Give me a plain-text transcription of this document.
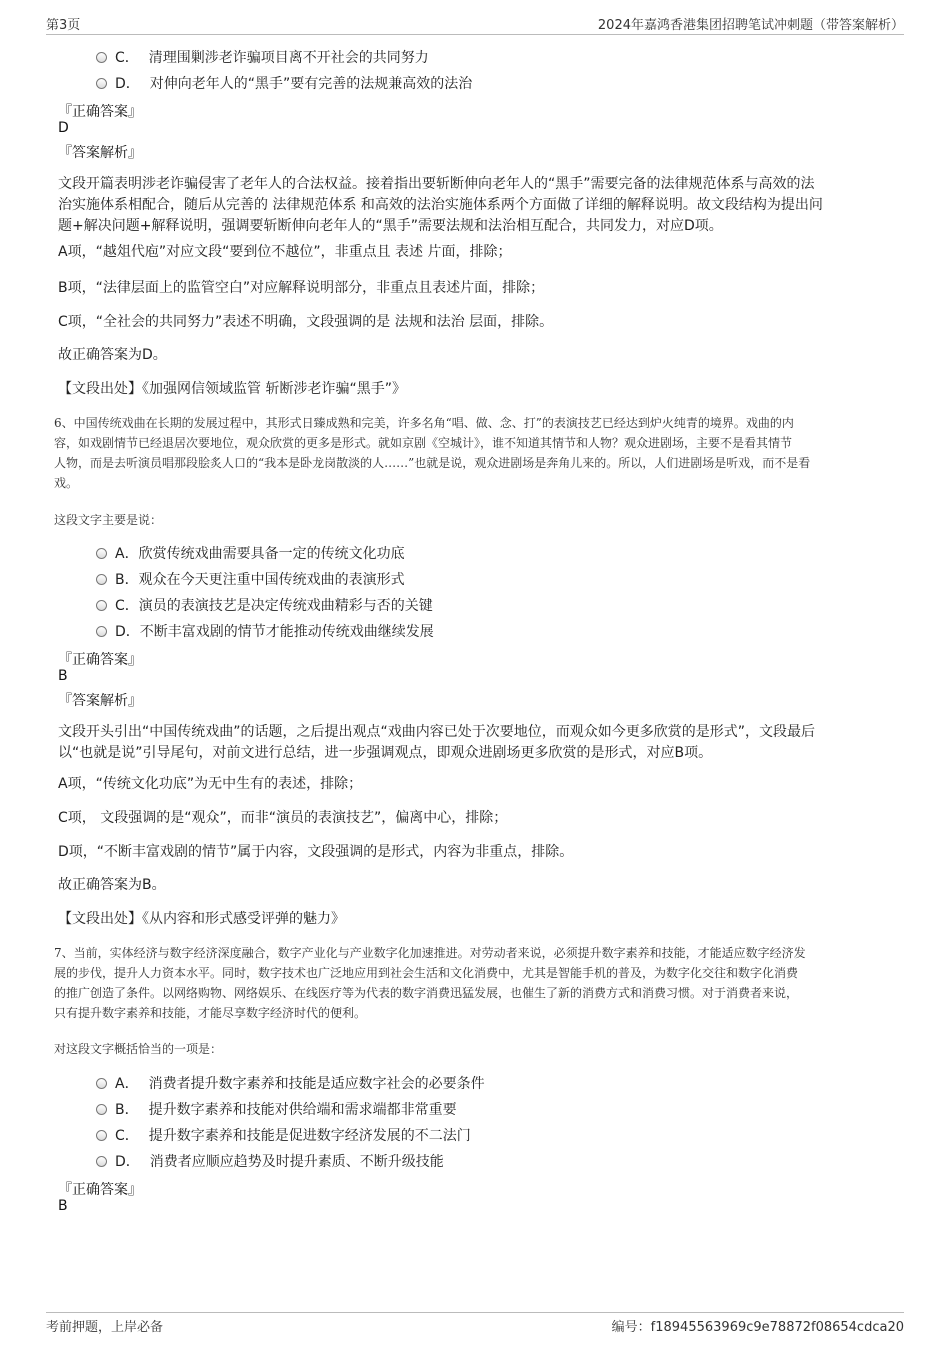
第3页	2024年嘉鸿香港集团招聘笔试冲刺题（带答案解析）
C． 清理围剿涉老诈骗项目离不开社会的共同努力
D． 对伸向老年人的“黑手”要有完善的法规兼高效的法治
『正确答案』
D
『答案解析』
文段开篇表明涉老诈骗侵害了老年人的合法权益。接着指出要斩断伸向老年人的“黑手”需要完备的法律规范体系与高效的法
治实施体系相配合，随后从完善的 法律规范体系 和高效的法治实施体系两个方面做了详细的解释说明。故文段结构为提出问
题+解决问题+解释说明，强调要斩断伸向老年人的“黑手”需要法规和法治相互配合，共同发力，对应D项。
A项，“越俎代庖”对应文段“要到位不越位”，非重点且 表述 片面，排除；
B项，“法律层面上的监管空白”对应解释说明部分，非重点且表述片面，排除；
C项，“全社会的共同努力”表述不明确，文段强调的是 法规和法治 层面，排除。
故正确答案为D。
【文段出处】《加强网信领域监管 斩断涉老诈骗“黑手”》
6、中国传统戏曲在长期的发展过程中，其形式日臻成熟和完美，许多名角“唱、做、念、打”的表演技艺已经达到炉火纯青的境界。戏曲的内
容，如戏剧情节已经退居次要地位，观众欣赏的更多是形式。就如京剧《空城计》，谁不知道其情节和人物？观众进剧场，主要不是看其情节
人物，而是去听演员唱那段脍炙人口的“我本是卧龙岗散淡的人……”也就是说，观众进剧场是奔角儿来的。所以，人们进剧场是听戏，而不是看
戏。
这段文字主要是说：
A．欣赏传统戏曲需要具备一定的传统文化功底
B．观众在今天更注重中国传统戏曲的表演形式
C．演员的表演技艺是决定传统戏曲精彩与否的关键
D．不断丰富戏剧的情节才能推动传统戏曲继续发展
『正确答案』
B
『答案解析』
文段开头引出“中国传统戏曲”的话题，之后提出观点“戏曲内容已处于次要地位，而观众如今更多欣赏的是形式”，文段最后
以“也就是说”引导尾句，对前文进行总结，进一步强调观点，即观众进剧场更多欣赏的是形式，对应B项。
A项，“传统文化功底”为无中生有的表述，排除；
C项， 文段强调的是“观众”，而非“演员的表演技艺”，偏离中心，排除；
D项，“不断丰富戏剧的情节”属于内容，文段强调的是形式，内容为非重点，排除。
故正确答案为B。
【文段出处】《从内容和形式感受评弹的魅力》
7、当前，实体经济与数字经济深度融合，数字产业化与产业数字化加速推进。对劳动者来说，必须提升数字素养和技能，才能适应数字经济发
展的步伐，提升人力资本水平。同时，数字技术也广泛地应用到社会生活和文化消费中，尤其是智能手机的普及，为数字化交往和数字化消费
的推广创造了条件。以网络购物、网络娱乐、在线医疗等为代表的数字消费迅猛发展，也催生了新的消费方式和消费习惯。对于消费者来说，
只有提升数字素养和技能，才能尽享数字经济时代的便利。
对这段文字概括恰当的一项是：
A． 消费者提升数字素养和技能是适应数字社会的必要条件
B． 提升数字素养和技能对供给端和需求端都非常重要
C． 提升数字素养和技能是促进数字经济发展的不二法门
D． 消费者应顺应趋势及时提升素质、不断升级技能
『正确答案』
B
考前押题，上岸必备	编号：f18945563969c9e78872f08654cdca20
